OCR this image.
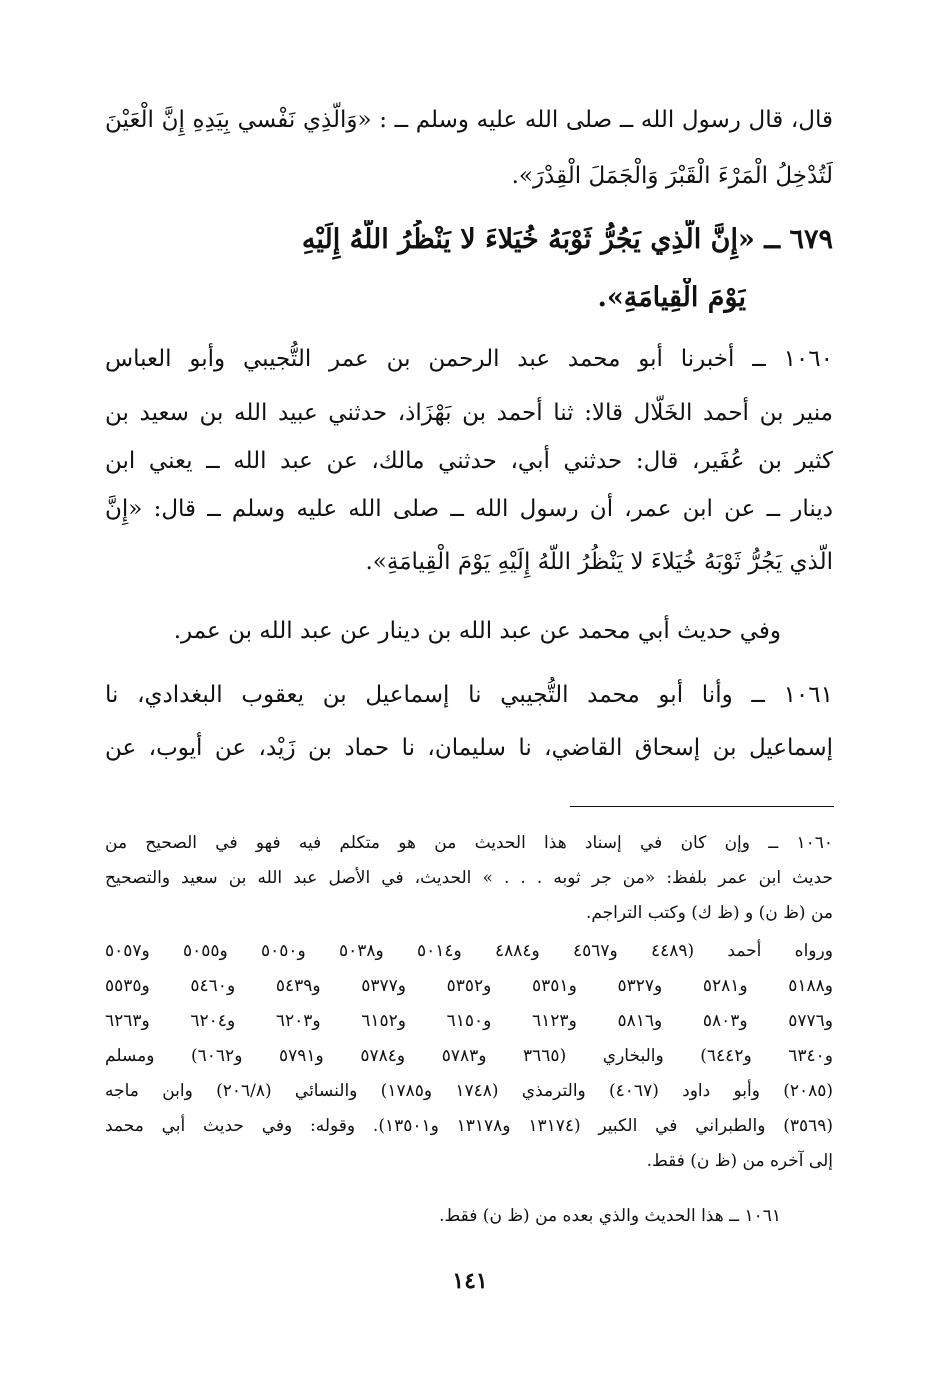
قال، قال رسول الله ــ صلى الله عليه وسلم ــ : «وَالَّذِي نَفْسي بِيَدِهِ إِنَّ الْعَيْنَ
لَتُدْخِلُ الْمَرْءَ الْقَبْرَ وَالْجَمَلَ الْقِدْرَ».
٦٧٩ ــ «إِنَّ الَّذِي يَجُرُّ ثَوْبَهُ خُيَلاءَ لا يَنْظُرُ اللَّهُ إِلَيْهِ
يَوْمَ الْقِيامَةِ».
١٠٦٠ ــ أخبرنا أبو محمد عبد الرحمن بن عمر التُّجيبي وأبو العباس
منير بن أحمد الخَلَّال قالا: ثنا أحمد بن بَهْزَاذ، حدثني عبيد الله بن سعيد بن
كثير بن عُفَير، قال: حدثني أبي، حدثني مالك، عن عبد الله ــ يعني ابن
دينار ــ عن ابن عمر، أن رسول الله ــ صلى الله عليه وسلم ــ قال: «إِنَّ
الَّذي يَجُرُّ ثَوْبَهُ خُيَلاءَ لا يَنْظُرُ اللَّهُ إِلَيْهِ يَوْمَ الْقِيامَةِ».
وفي حديث أبي محمد عن عبد الله بن دينار عن عبد الله بن عمر.
١٠٦١ ــ وأنا أبو محمد التُّجيبي نا إسماعيل بن يعقوب البغدادي، نا
إسماعيل بن إسحاق القاضي، نا سليمان، نا حماد بن زَيْد، عن أيوب، عن
١٠٦٠ ــ وإن كان في إسناد هذا الحديث من هو متكلم فيه فهو في الصحيح من
حديث ابن عمر بلفظ: «من جر ثوبه . . . » الحديث، في الأصل عبد الله بن سعيد والتصحيح
من (ظ ن) و (ظ ك) وكتب التراجم.
ورواه أحمد (٤٤٨٩ و٤٥٦٧ و٤٨٨٤ و٥٠١٤ و٥٠٣٨ و٥٠٥٠ و٥٠٥٥ و٥٠٥٧
و٥١٨٨ و٥٢٨١ و٥٣٢٧ و٥٣٥١ و٥٣٥٢ و٥٣٧٧ و٥٤٣٩ و٥٤٦٠ و٥٥٣٥
و٥٧٧٦ و٥٨٠٣ و٥٨١٦ و٦١٢٣ و٦١٥٠ و٦١٥٢ و٦٢٠٣ و٦٢٠٤ و٦٢٦٣
و٦٣٤٠ و٦٤٤٢) والبخاري (٣٦٦٥ و٥٧٨٣ و٥٧٨٤ و٥٧٩١ و٦٠٦٢) ومسلم
(٢٠٨٥) وأبو داود (٤٠٦٧) والترمذي (١٧٤٨ و١٧٨٥) والنسائي (٢٠٦/٨) وابن ماجه
(٣٥٦٩) والطبراني في الكبير (١٣١٧٤ و١٣١٧٨ و١٣٥٠١). وقوله: وفي حديث أبي محمد
إلى آخره من (ظ ن) فقط.
١٠٦١ ــ هذا الحديث والذي بعده من (ظ ن) فقط.
١٤١
